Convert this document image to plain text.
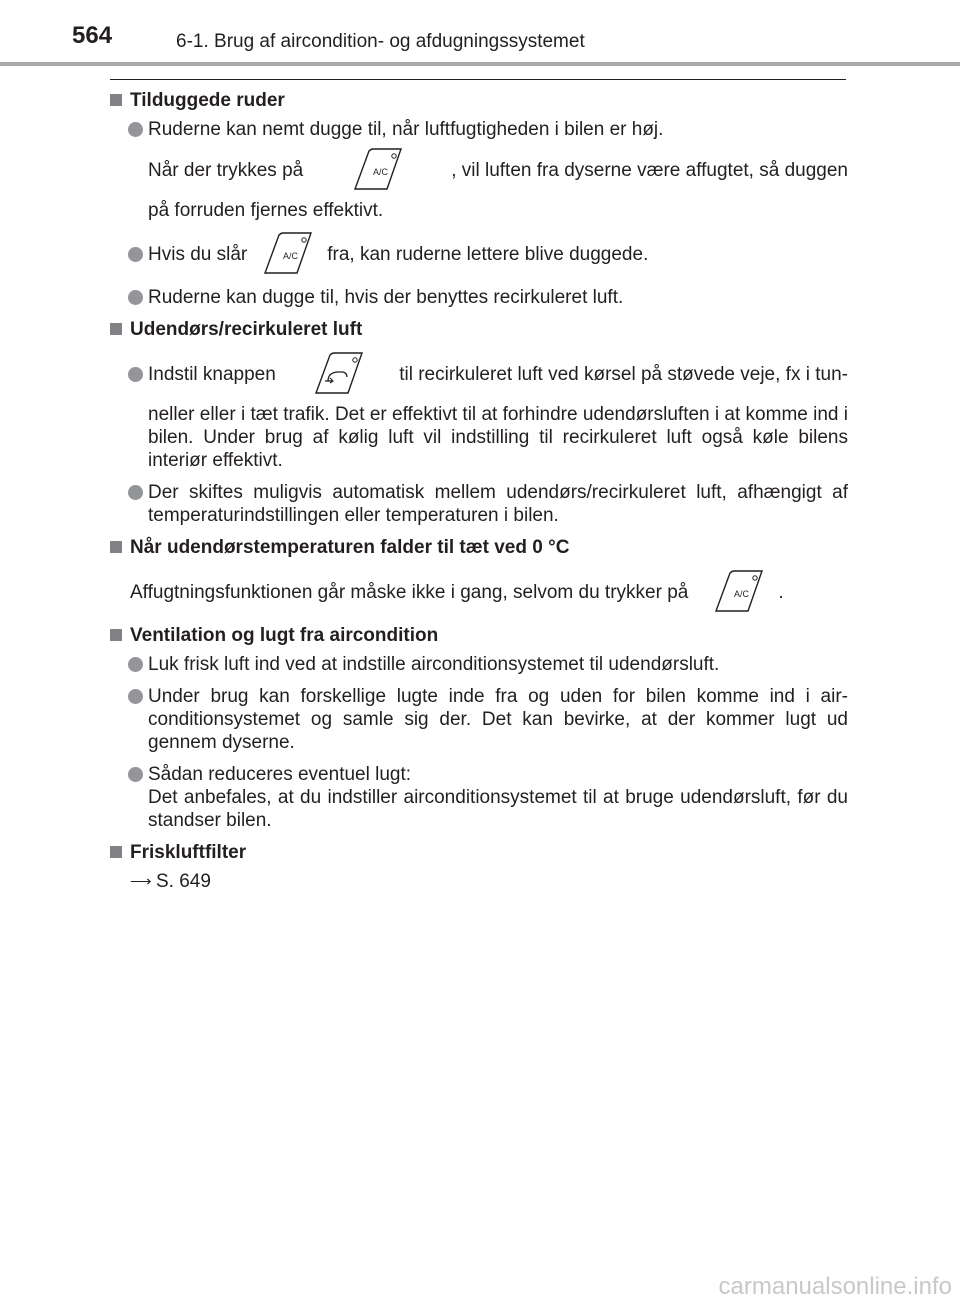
564	6-1. Brug af aircondition- og afdugningssystemet
Tilduggede ruder
Ruderne kan nemt dugge til, når luftfugtigheden i bilen er høj.
Når der trykkes på	A/C	, vil luften fra dyserne være affugtet, så duggen
på forruden fjernes effektivt.
Hvis du slår	A/C fra, kan ruderne lettere blive duggede.
Ruderne kan dugge til, hvis der benyttes recirkuleret luft.
Udendørs/recirkuleret luft
Indstil knappen	til recirkuleret luft ved kørsel på støvede veje, fx i tun-
neller eller i tæt trafik. Det er effektivt til at forhindre udendørsluften i at komme ind i bilen. Under brug af kølig luft vil indstilling til recirkuleret luft også køle bilens interiør effektivt.
Der skiftes muligvis automatisk mellem udendørs/recirkuleret luft, afhængigt af temperaturindstillingen eller temperaturen i bilen.
Når udendørstemperaturen falder til tæt ved 0 °C
Affugtningsfunktionen går måske ikke i gang, selvom du trykker på	A/C .
Ventilation og lugt fra aircondition
Luk frisk luft ind ved at indstille airconditionsystemet til udendørsluft.
Under brug kan forskellige lugte inde fra og uden for bilen komme ind i air-conditionsystemet og samle sig der. Det kan bevirke, at der kommer lugt ud gennem dyserne.
Sådan reduceres eventuel lugt:
Det anbefales, at du indstiller airconditionsystemet til at bruge udendørsluft, før du standser bilen.
Friskluftfilter
⟶ S. 649
carmanualsonline.info
